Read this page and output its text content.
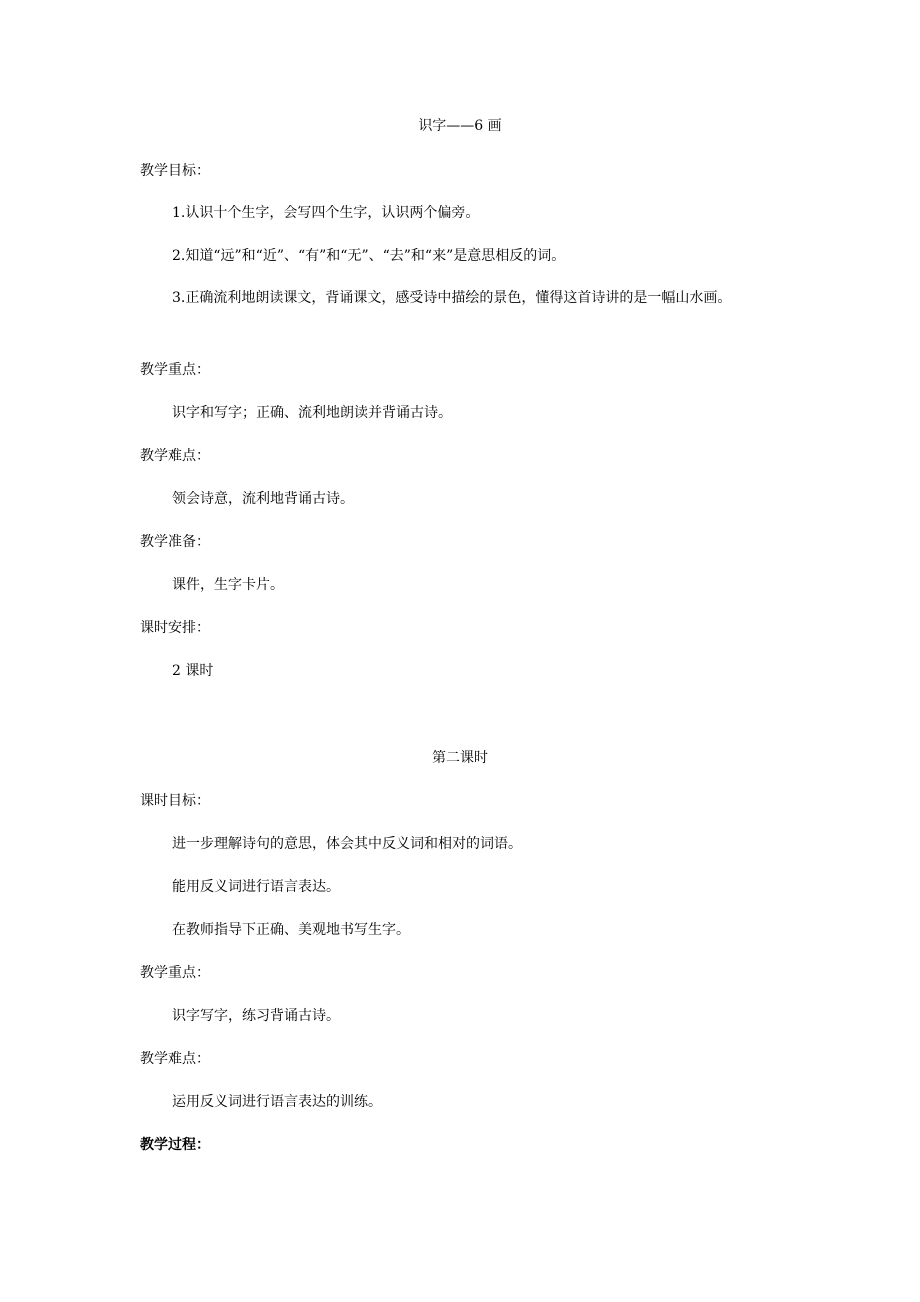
识字——6 画
教学目标：
1.认识十个生字，会写四个生字，认识两个偏旁。
2.知道“远”和“近”、“有”和“无”、“去”和“来”是意思相反的词。
3.正确流利地朗读课文，背诵课文，感受诗中描绘的景色，懂得这首诗讲的是一幅山水画。
教学重点：
识字和写字；正确、流利地朗读并背诵古诗。
教学难点：
领会诗意，流利地背诵古诗。
教学准备：
课件，生字卡片。
课时安排：
2 课时
第二课时
课时目标：
进一步理解诗句的意思，体会其中反义词和相对的词语。
能用反义词进行语言表达。
在教师指导下正确、美观地书写生字。
教学重点：
识字写字，练习背诵古诗。
教学难点：
运用反义词进行语言表达的训练。
教学过程：
